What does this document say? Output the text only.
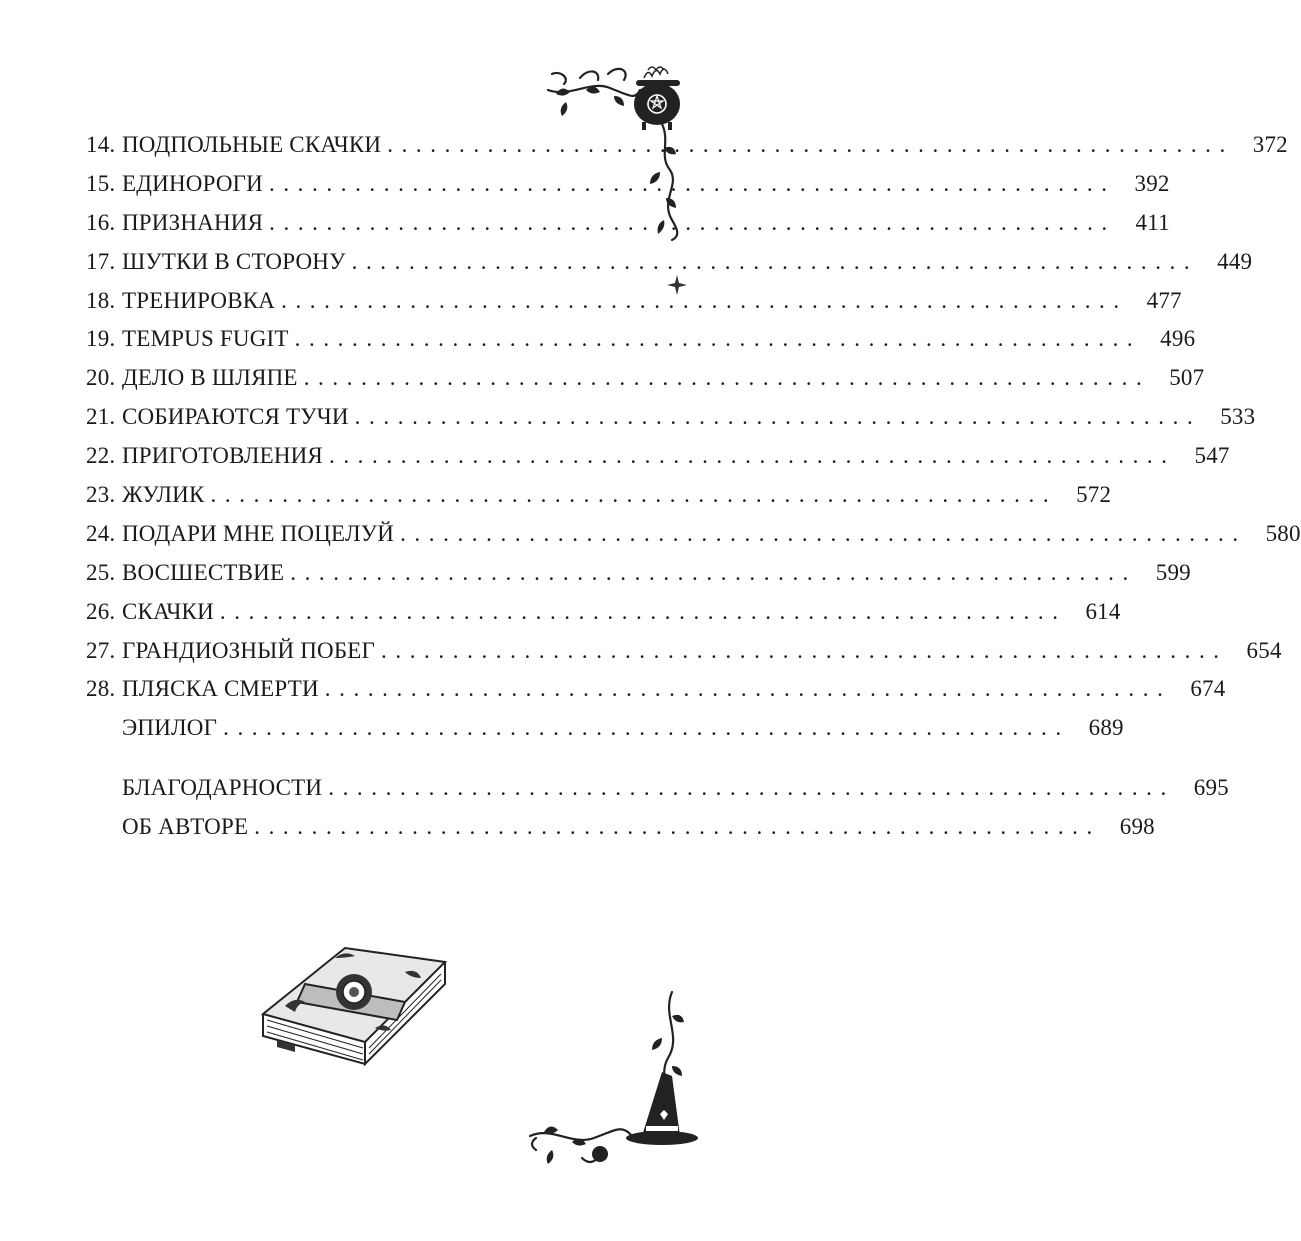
14. ПОДПОЛЬНЫЕ СКАЧКИ ........................................................... 372
15. ЕДИНОРОГИ ........................................................... 392
16. ПРИЗНАНИЯ ........................................................... 411
17. ШУТКИ В СТОРОНУ ........................................................... 449
18. ТРЕНИРОВКА ........................................................... 477
19. TEMPUS FUGIT ........................................................... 496
20. ДЕЛО В ШЛЯПЕ ........................................................... 507
21. СОБИРАЮТСЯ ТУЧИ ........................................................... 533
22. ПРИГОТОВЛЕНИЯ ........................................................... 547
23. ЖУЛИК ........................................................... 572
24. ПОДАРИ МНЕ ПОЦЕЛУЙ ........................................................... 580
25. ВОСШЕСТВИЕ ........................................................... 599
26. СКАЧКИ ........................................................... 614
27. ГРАНДИОЗНЫЙ ПОБЕГ ........................................................... 654
28. ПЛЯСКА СМЕРТИ ........................................................... 674
ЭПИЛОГ ........................................................... 689
БЛАГОДАРНОСТИ ........................................................... 695
ОБ АВТОРЕ ........................................................... 698
